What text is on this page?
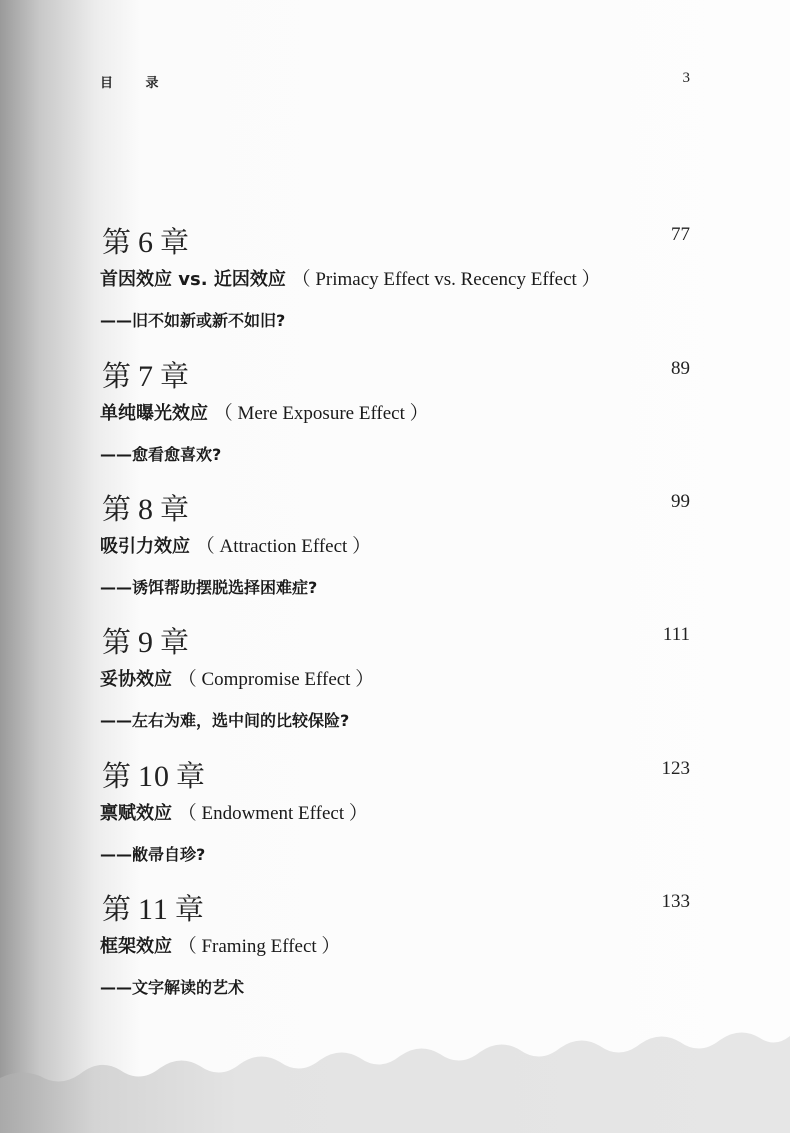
目 录	3
第 6 章	77
首因效应 vs. 近因效应 （ Primacy Effect vs. Recency Effect ）
——旧不如新或新不如旧?
第 7 章	89
单纯曝光效应 （ Mere Exposure Effect ）
——愈看愈喜欢?
第 8 章	99
吸引力效应 （ Attraction Effect ）
——诱饵帮助摆脱选择困难症?
第 9 章	111
妥协效应 （ Compromise Effect ）
——左右为难，选中间的比较保险?
第 10 章	123
禀赋效应 （ Endowment Effect ）
——敝帚自珍?
第 11 章	133
框架效应 （ Framing Effect ）
——文字解读的艺术
